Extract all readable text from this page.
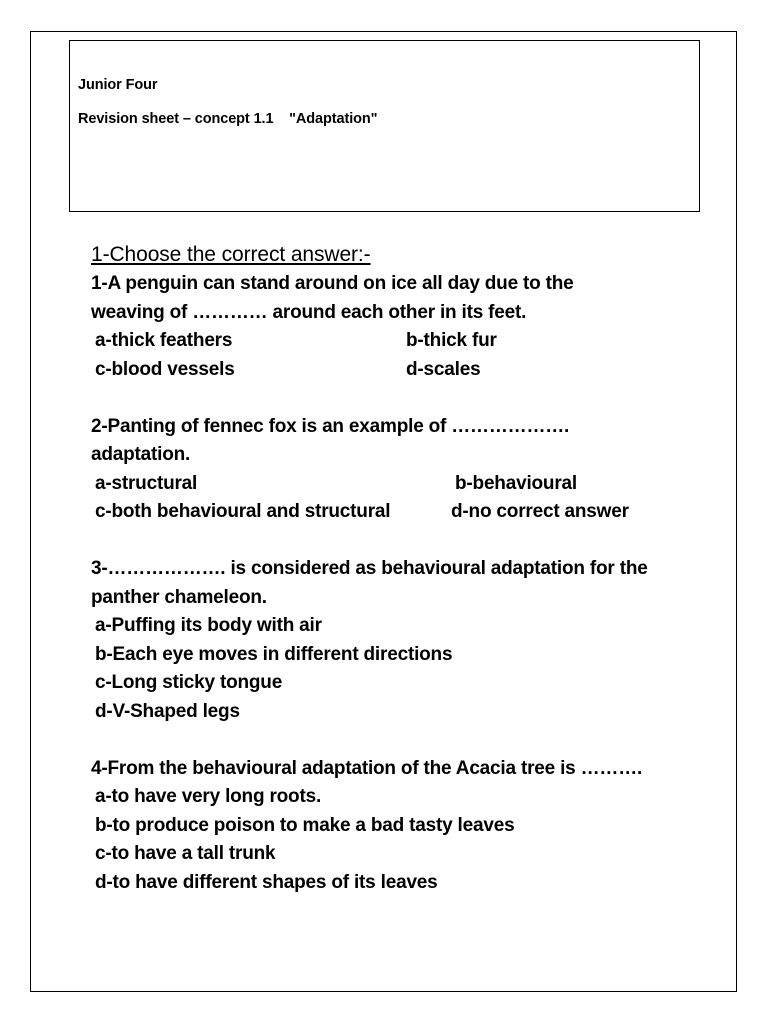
Junior Four
Revision sheet – concept 1.1    "Adaptation"
1-Choose the correct answer:-
1-A penguin can stand around on ice all day due to the
weaving of ………… around each other in its feet.
a-thick feathers	b-thick fur
c-blood vessels	d-scales
2-Panting of fennec fox is an example of ……………….
adaptation.
a-structural	b-behavioural
c-both behavioural and structural	d-no correct answer
3-………………. is considered as behavioural adaptation for the
panther chameleon.
a-Puffing its body with air
b-Each eye moves in different directions
c-Long sticky tongue
d-V-Shaped legs
4-From the behavioural adaptation of the Acacia tree is ……….
a-to have very long roots.
b-to produce poison to make a bad tasty leaves
c-to have a tall trunk
d-to have different shapes of its leaves
